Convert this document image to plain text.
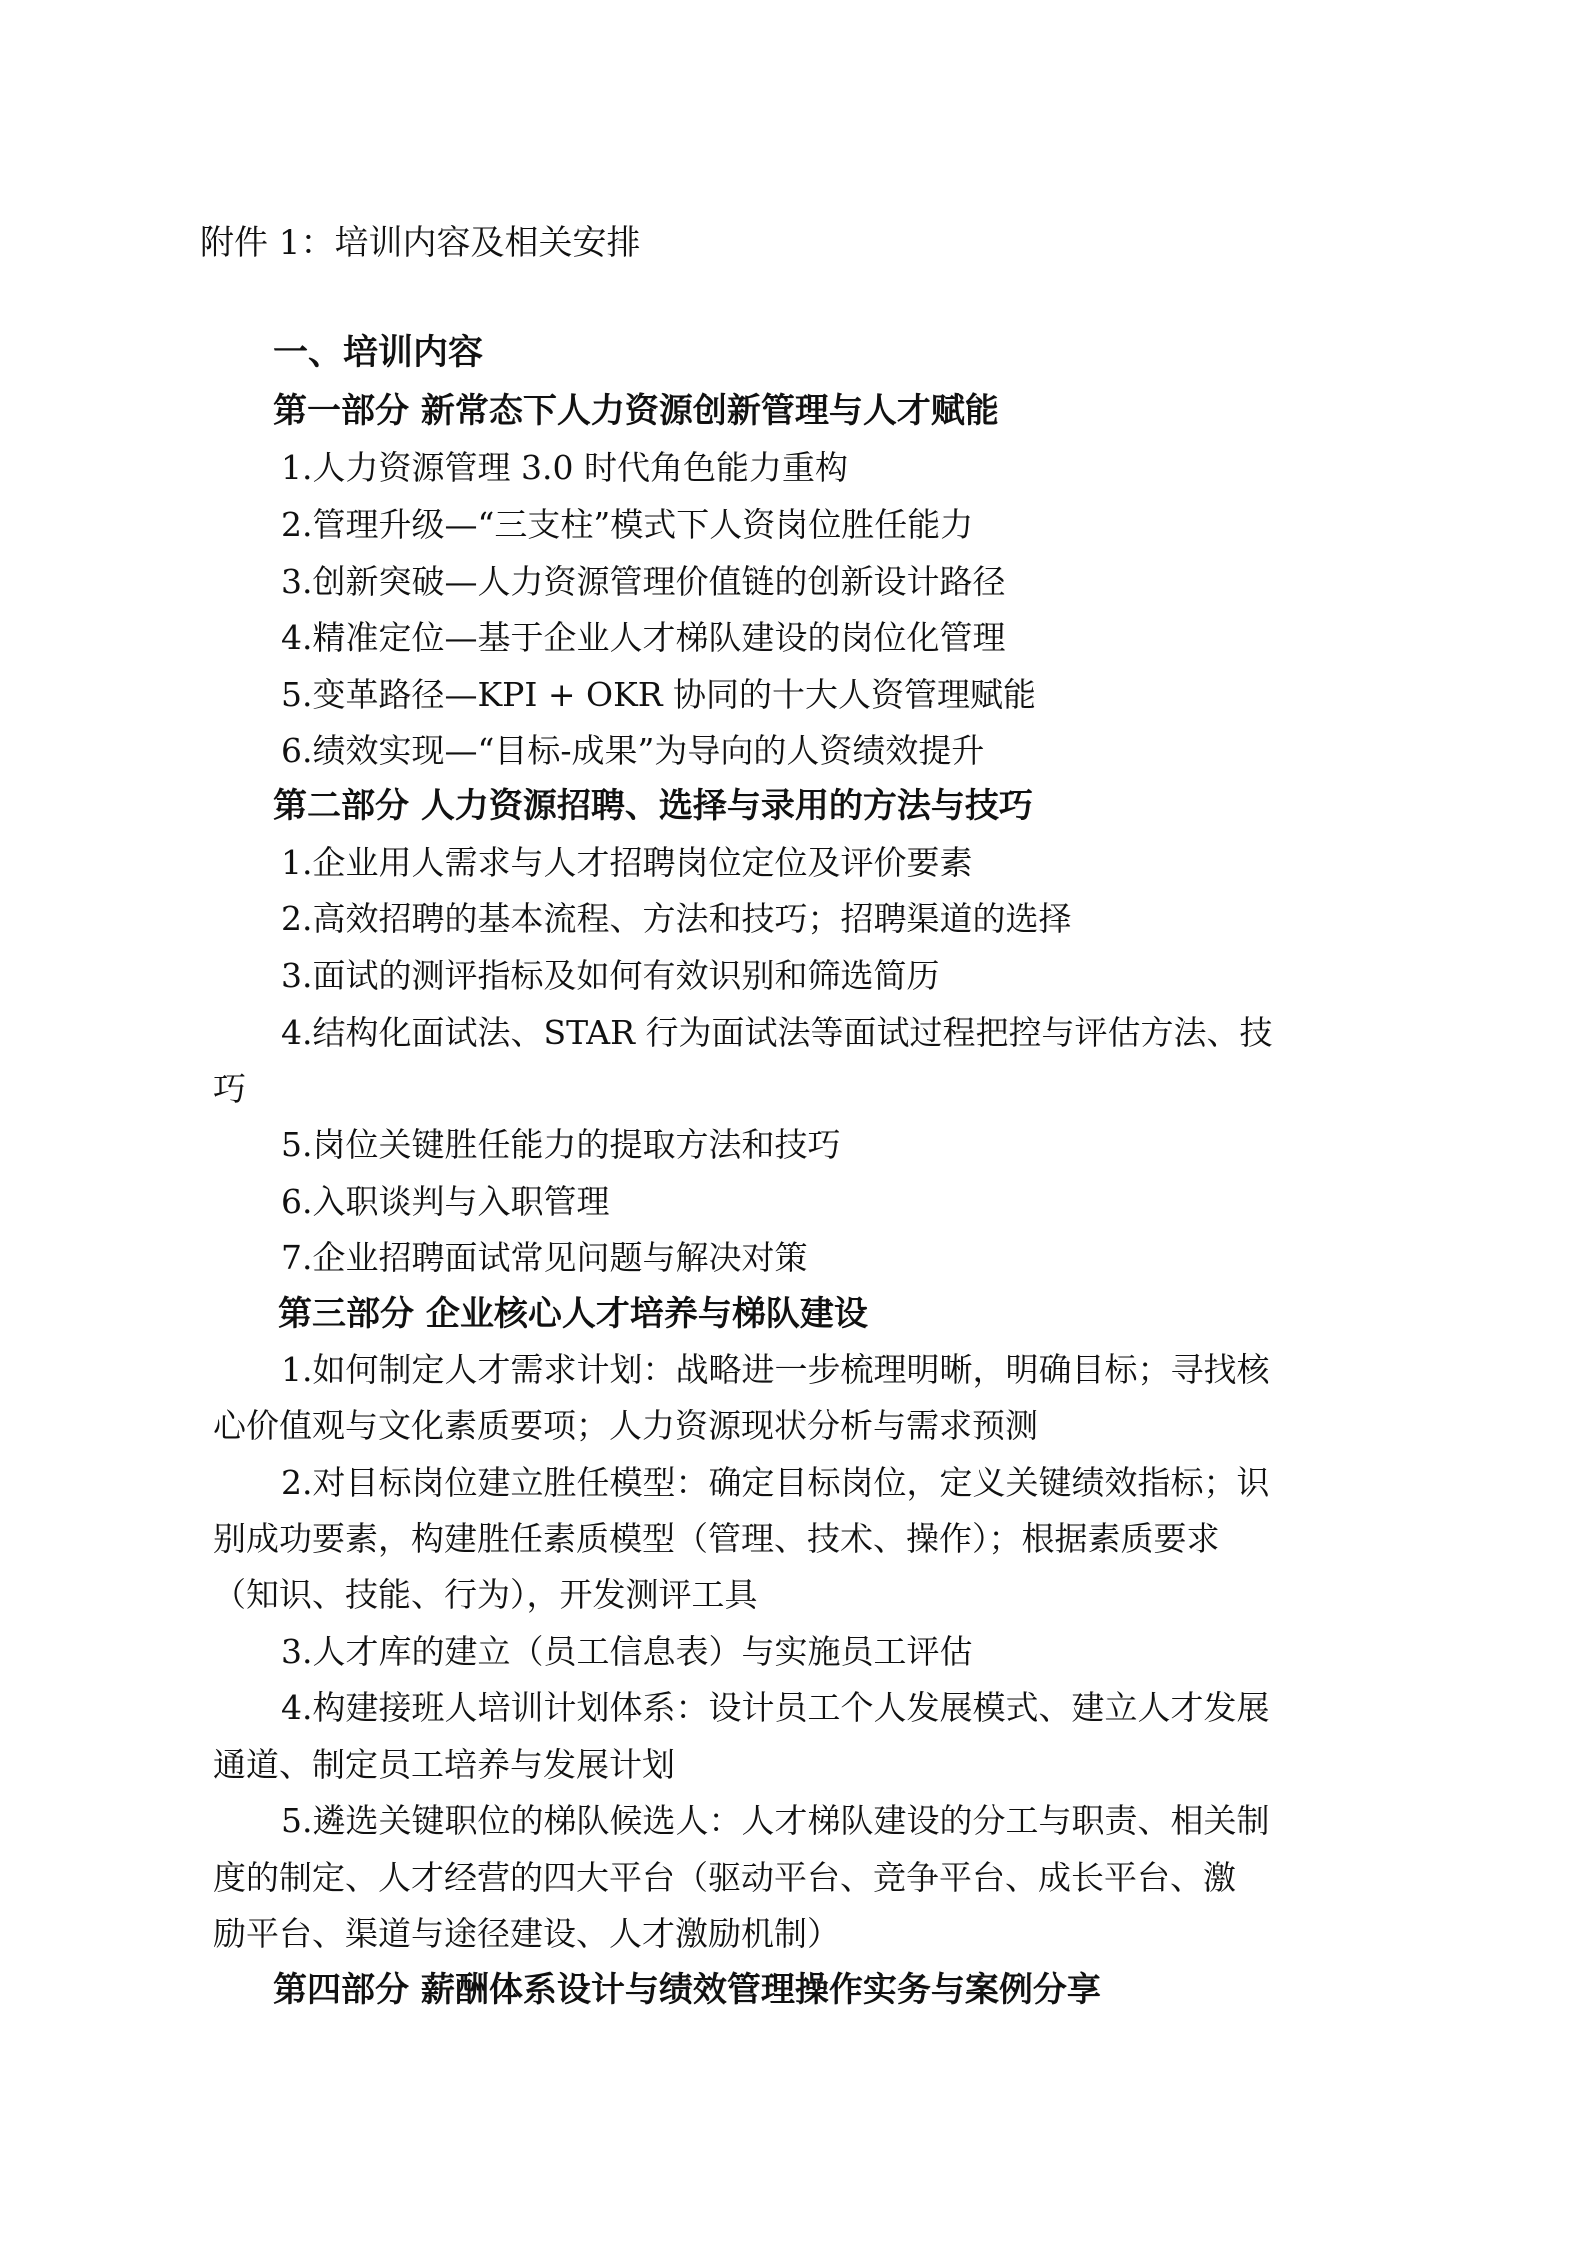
附件 1：培训内容及相关安排
一、培训内容
第一部分 新常态下人力资源创新管理与人才赋能
1.人力资源管理 3.0 时代角色能力重构
2.管理升级—“三支柱”模式下人资岗位胜任能力
3.创新突破—人力资源管理价值链的创新设计路径
4.精准定位—基于企业人才梯队建设的岗位化管理
5.变革路径—KPI + OKR 协同的十大人资管理赋能
6.绩效实现—“目标-成果”为导向的人资绩效提升
第二部分 人力资源招聘、选择与录用的方法与技巧
1.企业用人需求与人才招聘岗位定位及评价要素
2.高效招聘的基本流程、方法和技巧；招聘渠道的选择
3.面试的测评指标及如何有效识别和筛选简历
4.结构化面试法、STAR 行为面试法等面试过程把控与评估方法、技
巧
5.岗位关键胜任能力的提取方法和技巧
6.入职谈判与入职管理
7.企业招聘面试常见问题与解决对策
第三部分 企业核心人才培养与梯队建设
1.如何制定人才需求计划：战略进一步梳理明晰，明确目标；寻找核
心价值观与文化素质要项；人力资源现状分析与需求预测
2.对目标岗位建立胜任模型：确定目标岗位，定义关键绩效指标；识
别成功要素，构建胜任素质模型（管理、技术、操作）；根据素质要求
（知识、技能、行为），开发测评工具
3.人才库的建立（员工信息表）与实施员工评估
4.构建接班人培训计划体系：设计员工个人发展模式、建立人才发展
通道、制定员工培养与发展计划
5.遴选关键职位的梯队候选人：人才梯队建设的分工与职责、相关制
度的制定、人才经营的四大平台（驱动平台、竞争平台、成长平台、激
励平台、渠道与途径建设、人才激励机制）
第四部分 薪酬体系设计与绩效管理操作实务与案例分享
